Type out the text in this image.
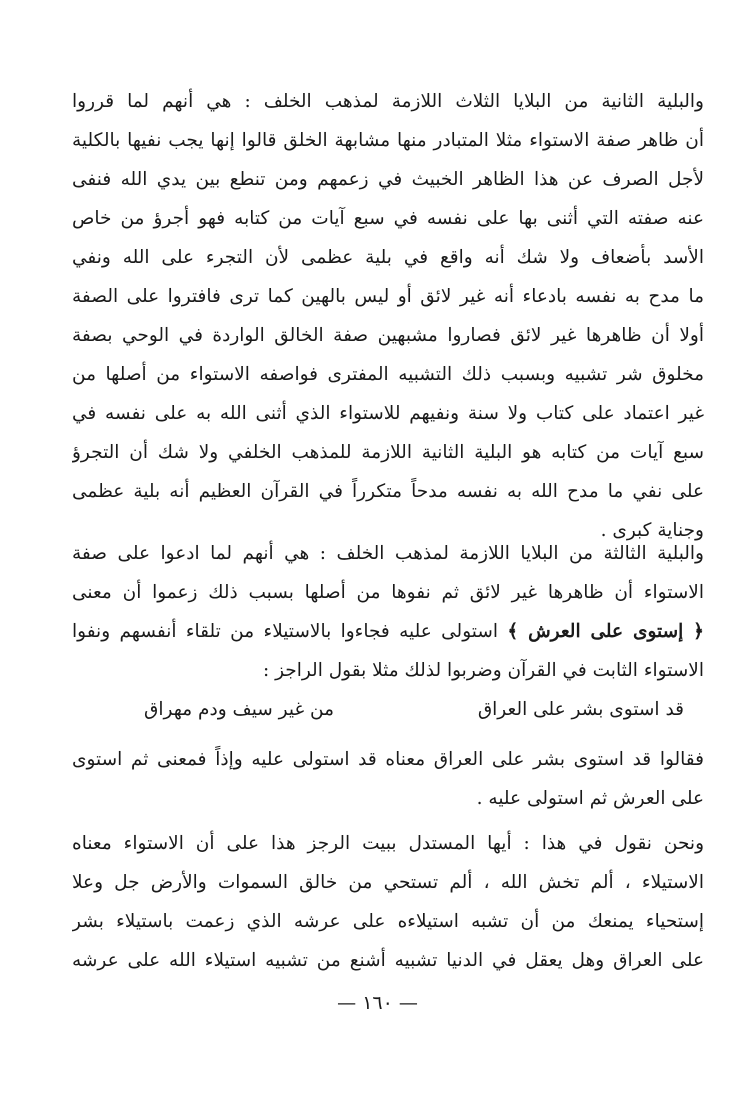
والبلية الثانية من البلايا الثلاث اللازمة لمذهب الخلف : هي أنهم لما قرروا
أن ظاهر صفة الاستواء مثلا المتبادر منها مشابهة الخلق قالوا إنها يجب نفيها بالكلية
لأجل الصرف عن هذا الظاهر الخبيث في زعمهم ومن تنطع بين يدي الله فنفى
عنه صفته التي أثنى بها على نفسه في سبع آيات من كتابه فهو أجرؤ من خاص
الأسد بأضعاف ولا شك أنه واقع في بلية عظمى لأن التجرء على الله ونفي
ما مدح به نفسه بادعاء أنه غير لائق أو ليس بالهين كما ترى فافتروا على الصفة
أولا أن ظاهرها غير لائق فصاروا مشبهين صفة الخالق الواردة في الوحي بصفة
مخلوق شر تشبيه وبسبب ذلك التشبيه المفترى فواصفه الاستواء من أصلها من
غير اعتماد على كتاب ولا سنة ونفيهم للاستواء الذي أثنى الله به على نفسه في
سبع آيات من كتابه هو البلية الثانية اللازمة للمذهب الخلفي ولا شك أن التجرؤ
على نفي ما مدح الله به نفسه مدحاً متكرراً في القرآن العظيم أنه بلية عظمى
وجناية كبرى .
والبلية الثالثة من البلايا اللازمة لمذهب الخلف : هي أنهم لما ادعوا على صفة
الاستواء أن ظاهرها غير لائق ثم نفوها من أصلها بسبب ذلك زعموا أن معنى
﴿ إستوى على العرش ﴾ استولى عليه فجاءوا بالاستيلاء من تلقاء أنفسهم ونفوا
الاستواء الثابت في القرآن وضربوا لذلك مثلا بقول الراجز :
قد استوى بشر على العراق
من غير سيف ودم مهراق
فقالوا قد استوى بشر على العراق معناه قد استولى عليه وإذاً فمعنى ثم استوى
على العرش ثم استولى عليه .
ونحن نقول في هذا : أيها المستدل ببيت الرجز هذا على أن الاستواء معناه
الاستيلاء ، ألم تخش الله ، ألم تستحي من خالق السموات والأرض جل وعلا
إستحياء يمنعك من أن تشبه استيلاءه على عرشه الذي زعمت باستيلاء بشر
على العراق وهل يعقل في الدنيا تشبيه أشنع من تشبيه استيلاء الله على عرشه
— ١٦٠ —
